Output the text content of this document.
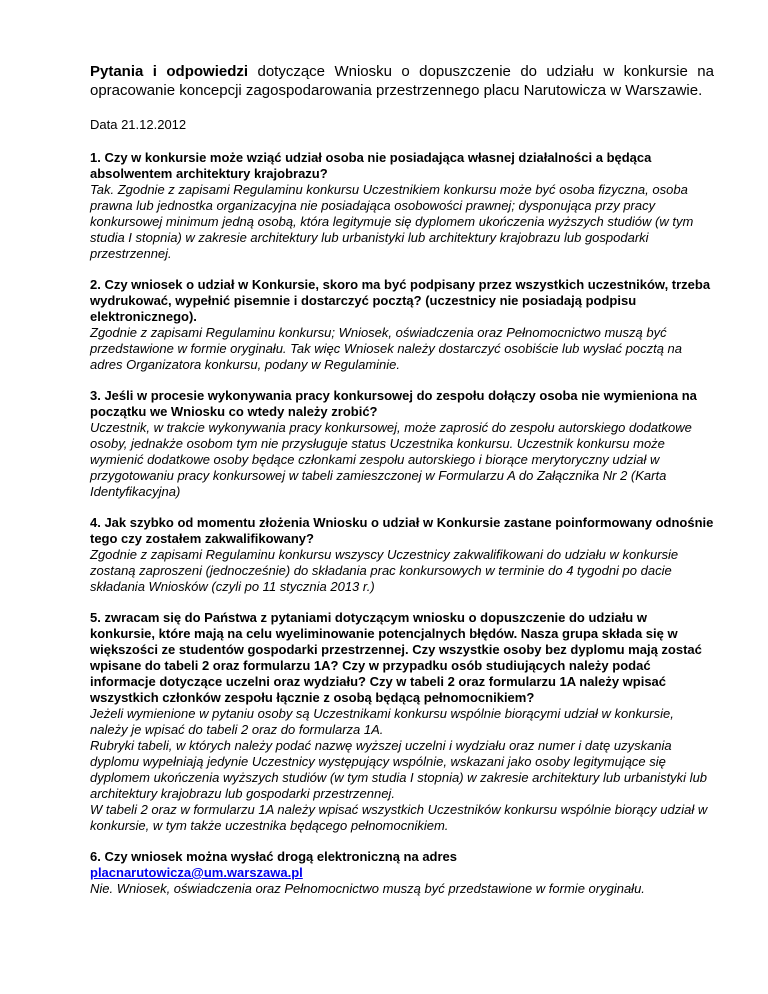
Pytania i odpowiedzi dotyczące Wniosku o dopuszczenie do udziału w konkursie na opracowanie koncepcji zagospodarowania przestrzennego placu Narutowicza w Warszawie.

Data 21.12.2012

1. Czy w konkursie może wziąć udział osoba nie posiadająca własnej działalności a będąca absolwentem architektury krajobrazu?

Tak. Zgodnie z zapisami Regulaminu konkursu Uczestnikiem konkursu może być osoba fizyczna, osoba prawna lub jednostka organizacyjna nie posiadająca osobowości prawnej; dysponująca przy pracy konkursowej minimum jedną osobą, która legitymuje się dyplomem ukończenia wyższych studiów (w tym studia I stopnia) w zakresie architektury lub urbanistyki lub architektury krajobrazu lub gospodarki przestrzennej.

2. Czy wniosek o udział w Konkursie, skoro ma być podpisany przez wszystkich uczestników, trzeba wydrukować, wypełnić pisemnie i dostarczyć pocztą? (uczestnicy nie posiadają podpisu elektronicznego).

Zgodnie z zapisami Regulaminu konkursu; Wniosek, oświadczenia oraz Pełnomocnictwo muszą być przedstawione w formie oryginału. Tak więc Wniosek należy dostarczyć osobiście lub wysłać pocztą na adres Organizatora konkursu, podany w Regulaminie.

3. Jeśli w procesie wykonywania pracy konkursowej do zespołu dołączy osoba nie wymieniona na początku we Wniosku co wtedy należy zrobić?

Uczestnik, w trakcie wykonywania pracy konkursowej, może zaprosić do zespołu autorskiego dodatkowe osoby, jednakże osobom tym nie przysługuje status Uczestnika konkursu. Uczestnik konkursu może wymienić dodatkowe osoby będące członkami zespołu autorskiego i biorące merytoryczny udział w przygotowaniu pracy konkursowej w tabeli zamieszczonej w Formularzu A do Załącznika Nr 2 (Karta Identyfikacyjna)

4. Jak szybko od momentu złożenia Wniosku o udział w Konkursie zastane poinformowany odnośnie tego czy zostałem zakwalifikowany?

Zgodnie z zapisami Regulaminu konkursu wszyscy Uczestnicy zakwalifikowani do udziału w konkursie zostaną zaproszeni (jednocześnie) do składania prac konkursowych w terminie do 4 tygodni po dacie składania Wniosków (czyli po 11 stycznia 2013 r.)

5. zwracam się do Państwa z pytaniami dotyczącym wniosku o dopuszczenie do udziału w konkursie, które mają na celu wyeliminowanie potencjalnych błędów. Nasza grupa składa się w większości ze studentów gospodarki przestrzennej. Czy wszystkie osoby bez dyplomu mają zostać wpisane do tabeli 2 oraz formularzu 1A? Czy w przypadku osób studiujących należy podać informacje dotyczące uczelni oraz wydziału? Czy w tabeli 2 oraz formularzu 1A należy wpisać wszystkich członków zespołu łącznie z osobą będącą pełnomocnikiem?

Jeżeli wymienione w pytaniu osoby są Uczestnikami konkursu wspólnie biorącymi udział w konkursie, należy je wpisać do tabeli 2 oraz do formularza 1A.

Rubryki tabeli, w których należy podać nazwę wyższej uczelni i wydziału oraz numer i datę uzyskania dyplomu wypełniają jedynie Uczestnicy występujący wspólnie, wskazani jako osoby legitymujące się dyplomem ukończenia wyższych studiów (w tym studia I stopnia) w zakresie architektury lub urbanistyki lub architektury krajobrazu lub gospodarki przestrzennej.

W tabeli 2 oraz w formularzu 1A należy wpisać wszystkich Uczestników konkursu wspólnie biorący udział w konkursie, w tym także uczestnika będącego pełnomocnikiem.

6. Czy wniosek można wysłać drogą elektroniczną na adres
placnarutowicza@um.warszawa.pl

Nie. Wniosek, oświadczenia oraz Pełnomocnictwo muszą być przedstawione w formie oryginału.
